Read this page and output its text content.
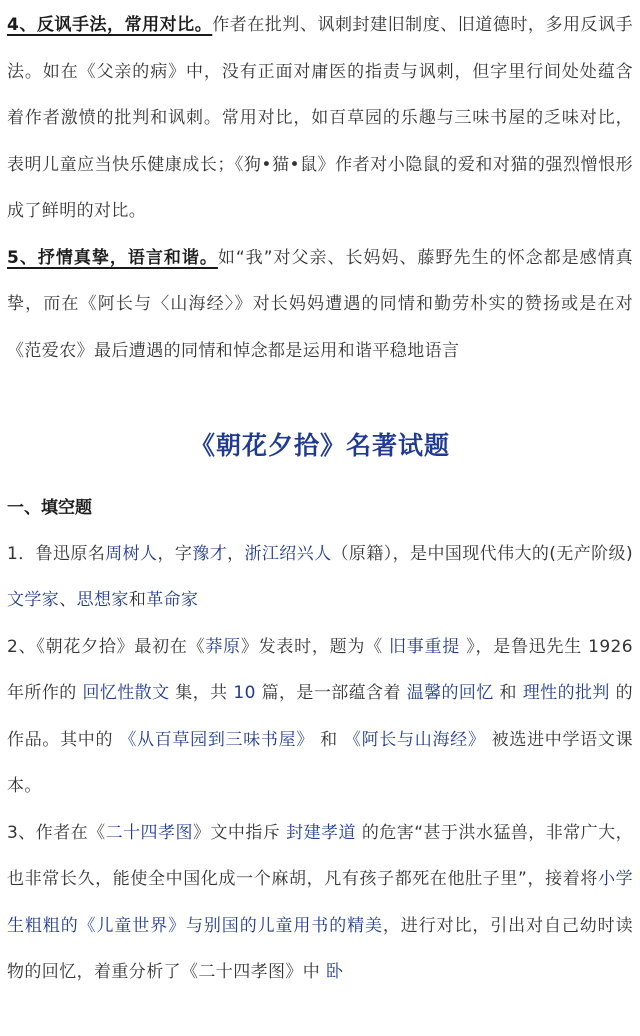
4、反讽手法，常用对比。作者在批判、讽刺封建旧制度、旧道德时，多用反讽手法。如在《父亲的病》中，没有正面对庸医的指责与讽刺，但字里行间处处蕴含着作者激愤的批判和讽刺。常用对比，如百草园的乐趣与三味书屋的乏味对比，表明儿童应当快乐健康成长；《狗•猫•鼠》作者对小隐鼠的爱和对猫的强烈憎恨形成了鲜明的对比。

5、抒情真挚，语言和谐。如“我”对父亲、长妈妈、藤野先生的怀念都是感情真挚，而在《阿长与〈山海经〉》对长妈妈遭遇的同情和勤劳朴实的赞扬或是在对《范爱农》最后遭遇的同情和悼念都是运用和谐平稳地语言

《朝花夕拾》名著试题

一、填空题

1．鲁迅原名周树人，字豫才，浙江绍兴人（原籍），是中国现代伟大的(无产阶级)文学家、思想家和革命家

2、《朝花夕拾》最初在《莽原》发表时，题为《 旧事重提 》，是鲁迅先生 1926 年所作的 回忆性散文 集，共 10 篇，是一部蕴含着 温馨的回忆 和 理性的批判 的作品。其中的 《从百草园到三味书屋》 和 《阿长与山海经》 被选进中学语文课本。

3、作者在《二十四孝图》文中指斥 封建孝道 的危害“甚于洪水猛兽，非常广大，也非常长久，能使全中国化成一个麻胡，凡有孩子都死在他肚子里”，接着将小学生粗粗的《儿童世界》与别国的儿童用书的精美，进行对比，引出对自己幼时读物的回忆，着重分析了《二十四孝图》中 卧
